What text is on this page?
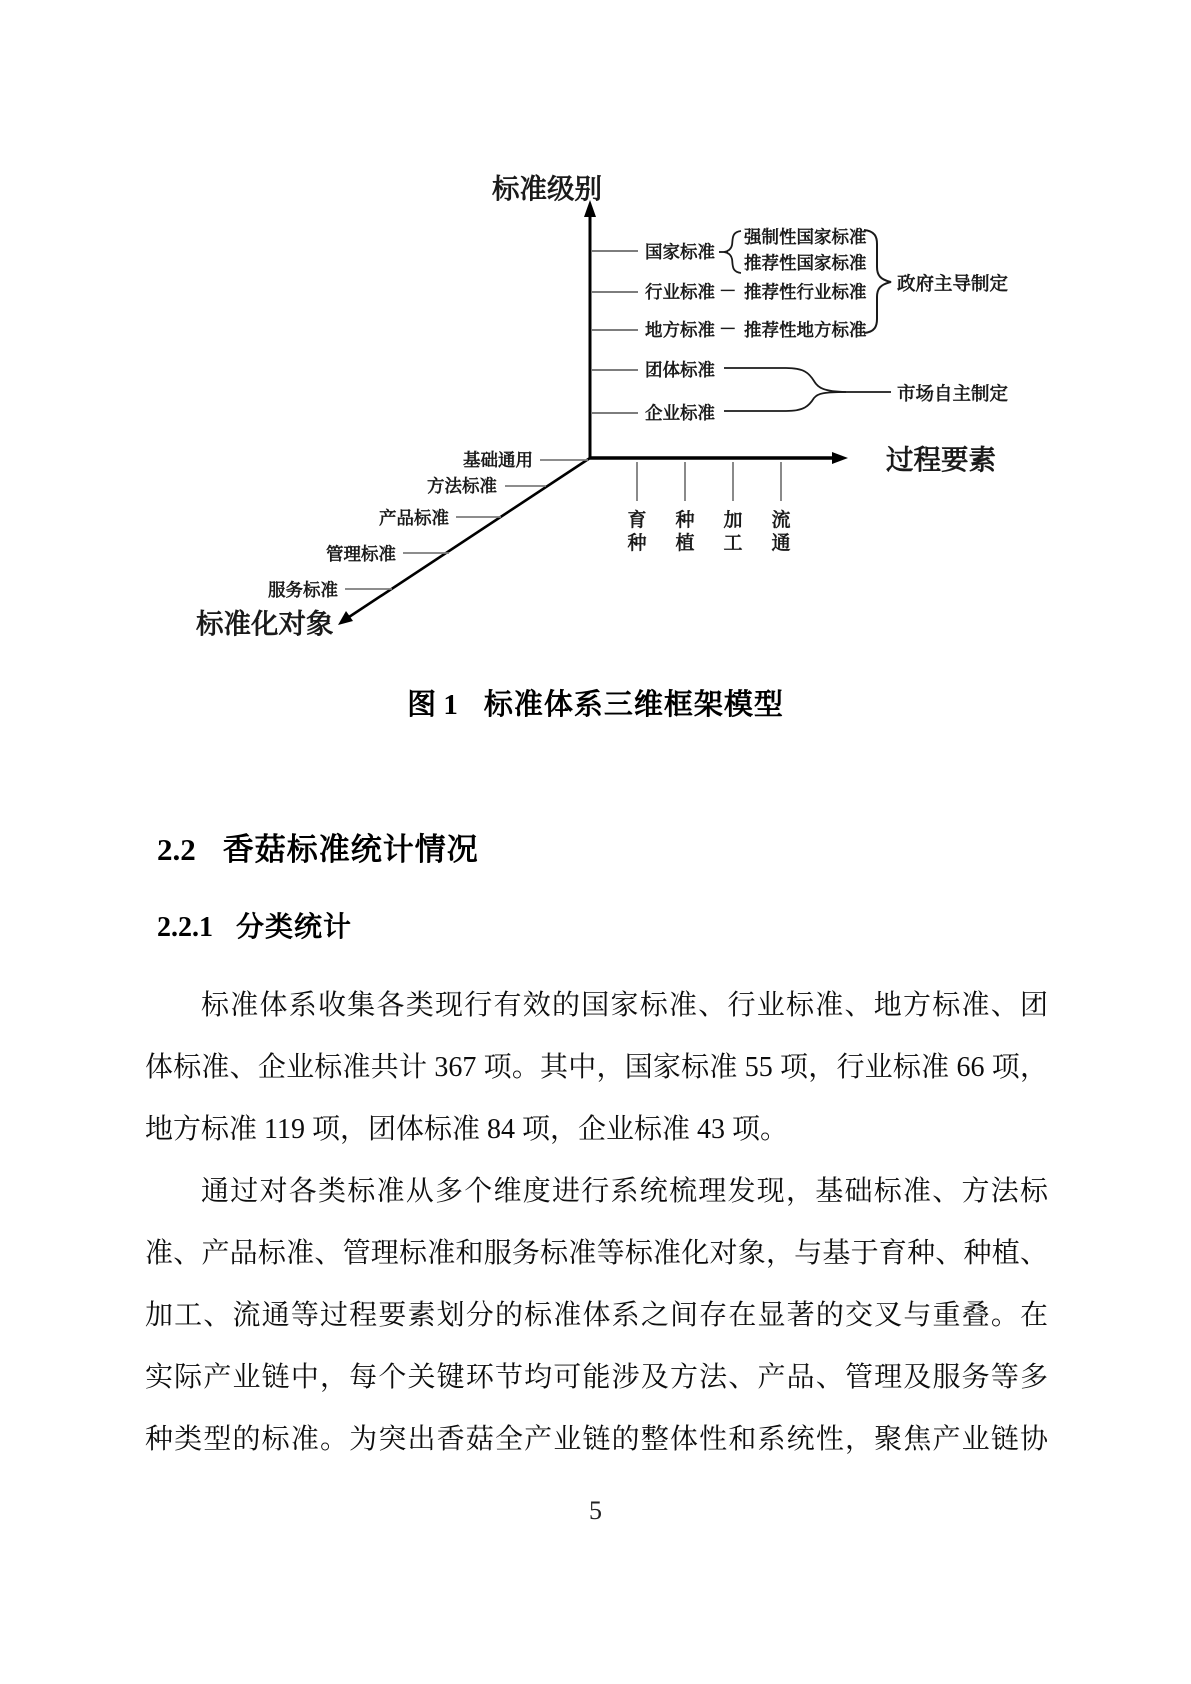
标准级别
过程要素
标准化对象
国家标准
行业标准
地方标准
团体标准
企业标准
强制性国家标准
推荐性国家标准
－ 推荐性行业标准
－ 推荐性地方标准
政府主导制定
市场自主制定
育
种
种
植
加
工
流
通
基础通用
方法标准
产品标准
管理标准
服务标准
图 1 标准体系三维框架模型
2.2 香菇标准统计情况
2.2.1 分类统计
标准体系收集各类现行有效的国家标准、行业标准、地方标准、团
体标准、企业标准共计 367 项。其中，国家标准 55 项，行业标准 66 项，
地方标准 119 项，团体标准 84 项，企业标准 43 项。
通过对各类标准从多个维度进行系统梳理发现，基础标准、方法标
准、产品标准、管理标准和服务标准等标准化对象，与基于育种、种植、
加工、流通等过程要素划分的标准体系之间存在显著的交叉与重叠。在
实际产业链中，每个关键环节均可能涉及方法、产品、管理及服务等多
种类型的标准。为突出香菇全产业链的整体性和系统性，聚焦产业链协
5
